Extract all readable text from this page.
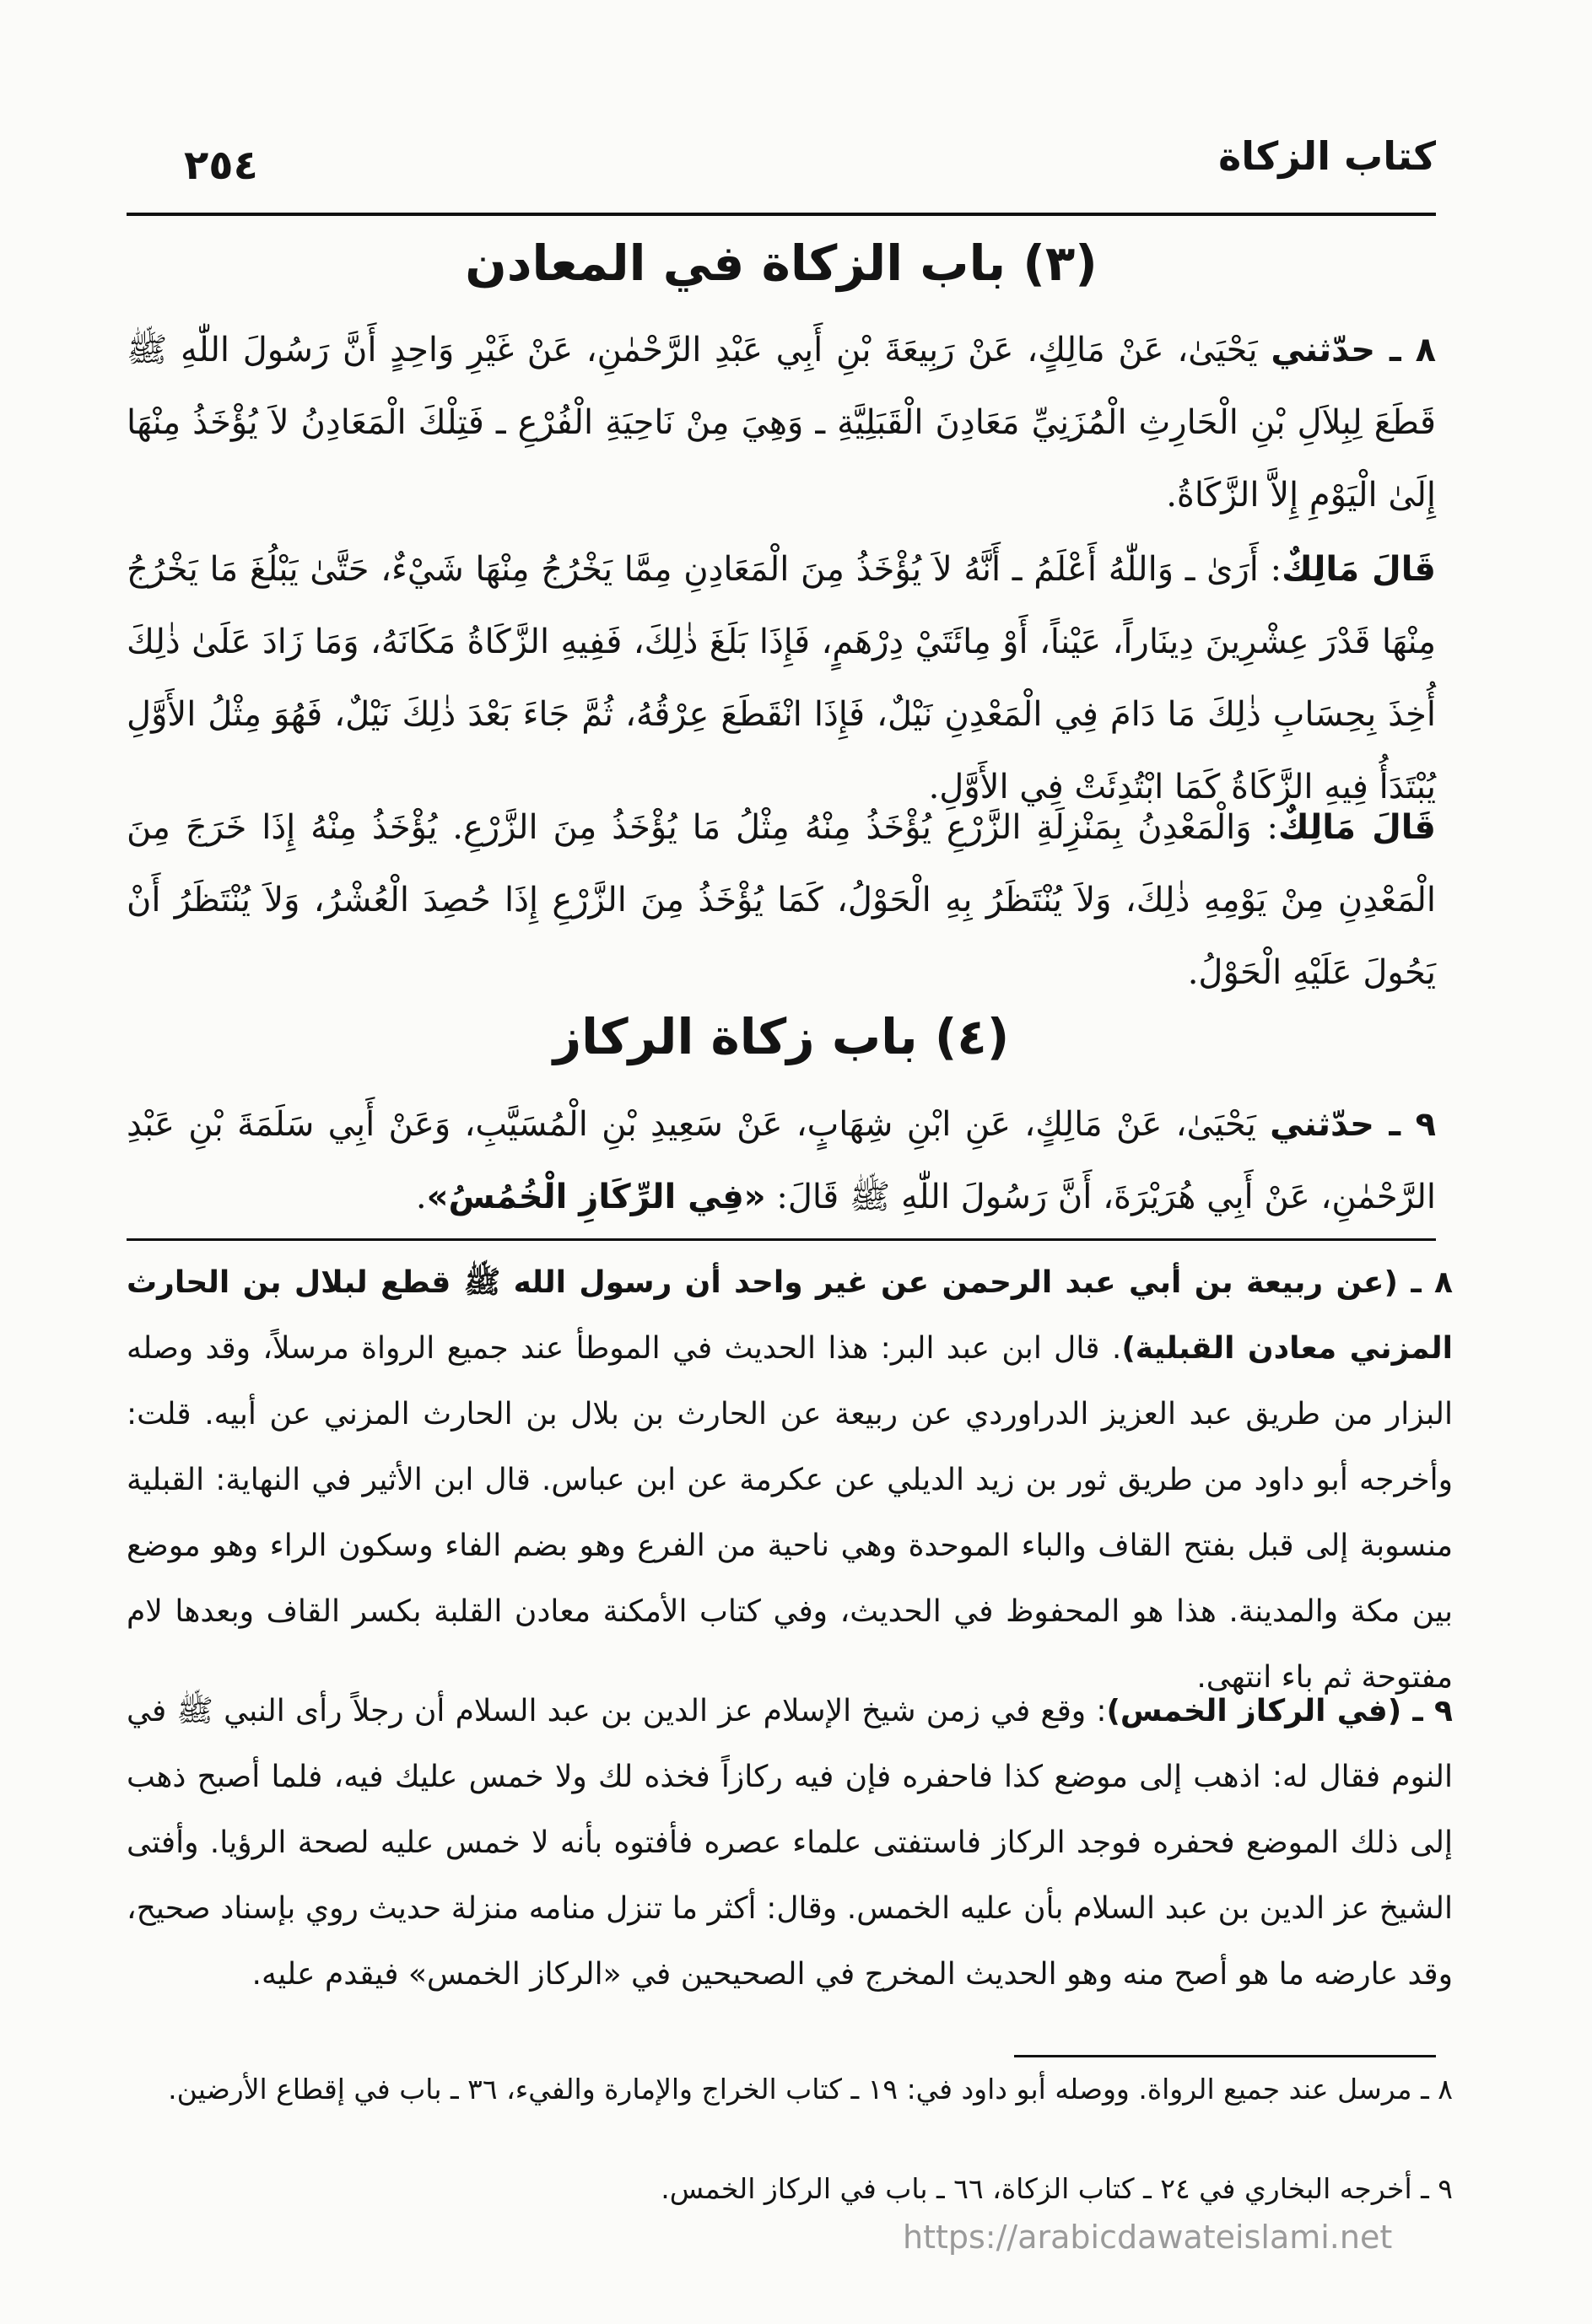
كتاب الزكاة
٢٥٤
(٣) باب الزكاة في المعادن

٨ ـ حدّثني يَحْيَىٰ، عَنْ مَالِكٍ، عَنْ رَبِيعَةَ بْنِ أَبِي عَبْدِ الرَّحْمٰنِ، عَنْ غَيْرِ وَاحِدٍ أَنَّ رَسُولَ اللّٰهِ ﷺ قَطَعَ لِبِلاَلِ بْنِ الْحَارِثِ الْمُزَنِيِّ مَعَادِنَ الْقَبَلِيَّةِ ـ وَهِيَ مِنْ نَاحِيَةِ الْفُرْعِ ـ فَتِلْكَ الْمَعَادِنُ لاَ يُؤْخَذُ مِنْهَا إِلَىٰ الْيَوْمِ إِلاَّ الزَّكَاةُ.

قَالَ مَالِكٌ: أَرَىٰ ـ وَاللّٰهُ أَعْلَمُ ـ أَنَّهُ لاَ يُؤْخَذُ مِنَ الْمَعَادِنِ مِمَّا يَخْرُجُ مِنْهَا شَيْءٌ، حَتَّىٰ يَبْلُغَ مَا يَخْرُجُ مِنْهَا قَدْرَ عِشْرِينَ دِينَاراً، عَيْناً، أَوْ مِائَتَيْ دِرْهَمٍ، فَإِذَا بَلَغَ ذٰلِكَ، فَفِيهِ الزَّكَاةُ مَكَانَهُ، وَمَا زَادَ عَلَىٰ ذٰلِكَ أُخِذَ بِحِسَابِ ذٰلِكَ مَا دَامَ فِي الْمَعْدِنِ نَيْلٌ، فَإِذَا انْقَطَعَ عِرْقُهُ، ثُمَّ جَاءَ بَعْدَ ذٰلِكَ نَيْلٌ، فَهُوَ مِثْلُ الأَوَّلِ يُبْتَدَأُ فِيهِ الزَّكَاةُ كَمَا ابْتُدِئَتْ فِي الأَوَّلِ.

قَالَ مَالِكٌ: وَالْمَعْدِنُ بِمَنْزِلَةِ الزَّرْعِ يُؤْخَذُ مِنْهُ مِثْلُ مَا يُؤْخَذُ مِنَ الزَّرْعِ. يُؤْخَذُ مِنْهُ إِذَا خَرَجَ مِنَ الْمَعْدِنِ مِنْ يَوْمِهِ ذٰلِكَ، وَلاَ يُنْتَظَرُ بِهِ الْحَوْلُ، كَمَا يُؤْخَذُ مِنَ الزَّرْعِ إِذَا حُصِدَ الْعُشْرُ، وَلاَ يُنْتَظَرُ أَنْ يَحُولَ عَلَيْهِ الْحَوْلُ.

(٤) باب زكاة الركاز

٩ ـ حدّثني يَحْيَىٰ، عَنْ مَالِكٍ، عَنِ ابْنِ شِهَابٍ، عَنْ سَعِيدِ بْنِ الْمُسَيَّبِ، وَعَنْ أَبِي سَلَمَةَ بْنِ عَبْدِ الرَّحْمٰنِ، عَنْ أَبِي هُرَيْرَةَ، أَنَّ رَسُولَ اللّٰهِ ﷺ قَالَ: «فِي الرِّكَازِ الْخُمُسُ».

٨ ـ (عن ربيعة بن أبي عبد الرحمن عن غير واحد أن رسول الله ﷺ قطع لبلال بن الحارث المزني معادن القبلية). قال ابن عبد البر: هذا الحديث في الموطأ عند جميع الرواة مرسلاً، وقد وصله البزار من طريق عبد العزيز الدراوردي عن ربيعة عن الحارث بن بلال بن الحارث المزني عن أبيه. قلت: وأخرجه أبو داود من طريق ثور بن زيد الديلي عن عكرمة عن ابن عباس. قال ابن الأثير في النهاية: القبلية منسوبة إلى قبل بفتح القاف والباء الموحدة وهي ناحية من الفرع وهو بضم الفاء وسكون الراء وهو موضع بين مكة والمدينة. هذا هو المحفوظ في الحديث، وفي كتاب الأمكنة معادن القلبة بكسر القاف وبعدها لام مفتوحة ثم باء انتهى.

٩ ـ (في الركاز الخمس): وقع في زمن شيخ الإسلام عز الدين بن عبد السلام أن رجلاً رأى النبي ﷺ في النوم فقال له: اذهب إلى موضع كذا فاحفره فإن فيه ركازاً فخذه لك ولا خمس عليك فيه، فلما أصبح ذهب إلى ذلك الموضع فحفره فوجد الركاز فاستفتى علماء عصره فأفتوه بأنه لا خمس عليه لصحة الرؤيا. وأفتى الشيخ عز الدين بن عبد السلام بأن عليه الخمس. وقال: أكثر ما تنزل منامه منزلة حديث روي بإسناد صحيح، وقد عارضه ما هو أصح منه وهو الحديث المخرج في الصحيحين في «الركاز الخمس» فيقدم عليه.

٨ ـ مرسل عند جميع الرواة. ووصله أبو داود في: ١٩ ـ كتاب الخراج والإمارة والفيء، ٣٦ ـ باب في إقطاع الأرضين.
٩ ـ أخرجه البخاري في ٢٤ ـ كتاب الزكاة، ٦٦ ـ باب في الركاز الخمس.
https://arabicdawateislami.net
